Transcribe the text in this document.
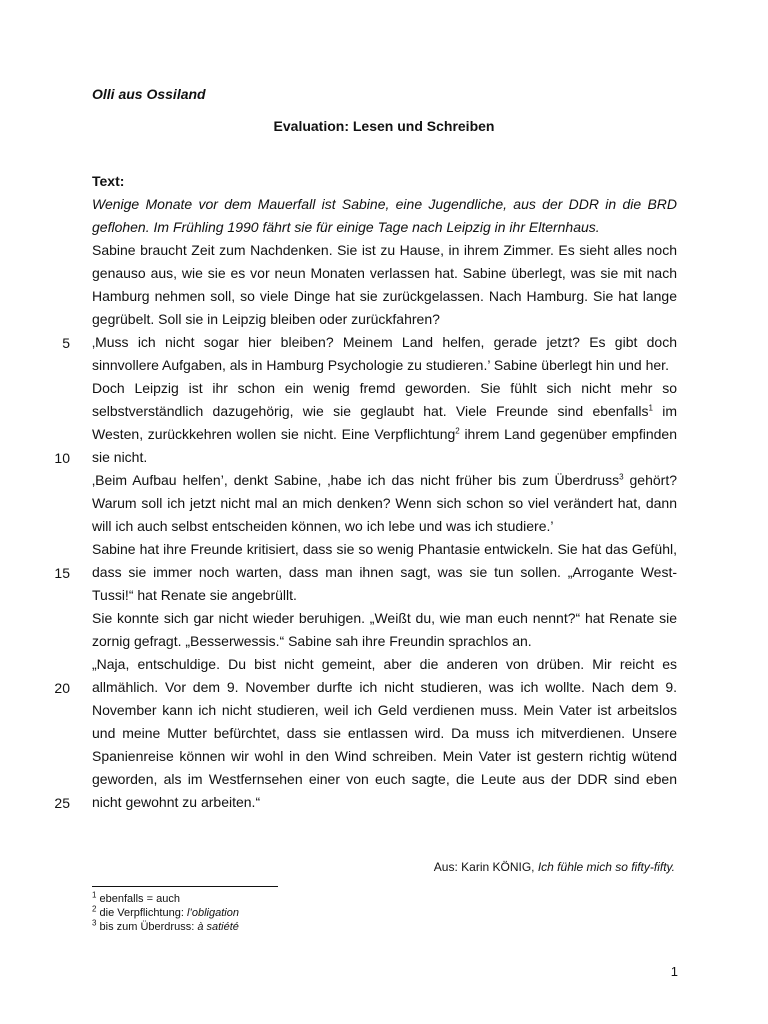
Olli aus Ossiland
Evaluation: Lesen und Schreiben
Text:
5
10
15
20
25

Wenige Monate vor dem Mauerfall ist Sabine, eine Jugendliche, aus der DDR in die BRD geflohen. Im Frühling 1990 fährt sie für einige Tage nach Leipzig in ihr Elternhaus.

Sabine braucht Zeit zum Nachdenken. Sie ist zu Hause, in ihrem Zimmer. Es sieht alles noch genauso aus, wie sie es vor neun Monaten verlassen hat. Sabine überlegt, was sie mit nach Hamburg nehmen soll, so viele Dinge hat sie zurückgelassen. Nach Hamburg. Sie hat lange gegrübelt. Soll sie in Leipzig bleiben oder zurückfahren?

‚Muss ich nicht sogar hier bleiben? Meinem Land helfen, gerade jetzt? Es gibt doch sinnvollere Aufgaben, als in Hamburg Psychologie zu studieren.’ Sabine überlegt hin und her.

Doch Leipzig ist ihr schon ein wenig fremd geworden. Sie fühlt sich nicht mehr so selbstverständlich dazugehörig, wie sie geglaubt hat. Viele Freunde sind ebenfalls$^1$ im Westen, zurückkehren wollen sie nicht. Eine Verpflichtung$^2$ ihrem Land gegenüber empfinden sie nicht.

‚Beim Aufbau helfen’, denkt Sabine, ‚habe ich das nicht früher bis zum Überdruss$^3$ gehört? Warum soll ich jetzt nicht mal an mich denken? Wenn sich schon so viel verändert hat, dann will ich auch selbst entscheiden können, wo ich lebe und was ich studiere.’

Sabine hat ihre Freunde kritisiert, dass sie so wenig Phantasie entwickeln. Sie hat das Gefühl, dass sie immer noch warten, dass man ihnen sagt, was sie tun sollen. „Arrogante West-Tussi!“ hat Renate sie angebrüllt.

Sie konnte sich gar nicht wieder beruhigen. „Weißt du, wie man euch nennt?“ hat Renate sie zornig gefragt. „Besserwessis.“ Sabine sah ihre Freundin sprachlos an.

„Naja, entschuldige. Du bist nicht gemeint, aber die anderen von drüben. Mir reicht es allmählich. Vor dem 9. November durfte ich nicht studieren, was ich wollte. Nach dem 9. November kann ich nicht studieren, weil ich Geld verdienen muss. Mein Vater ist arbeitslos und meine Mutter befürchtet, dass sie entlassen wird. Da muss ich mitverdienen. Unsere Spanienreise können wir wohl in den Wind schreiben. Mein Vater ist gestern richtig wütend geworden, als im Westfernsehen einer von euch sagte, die Leute aus der DDR sind eben nicht gewohnt zu arbeiten.“

Aus: Karin KÖNIG, Ich fühle mich so fifty-fifty.
$^1$ ebenfalls = auch
$^2$ die Verpflichtung: l’obligation
$^3$ bis zum Überdruss: à satiété
1
